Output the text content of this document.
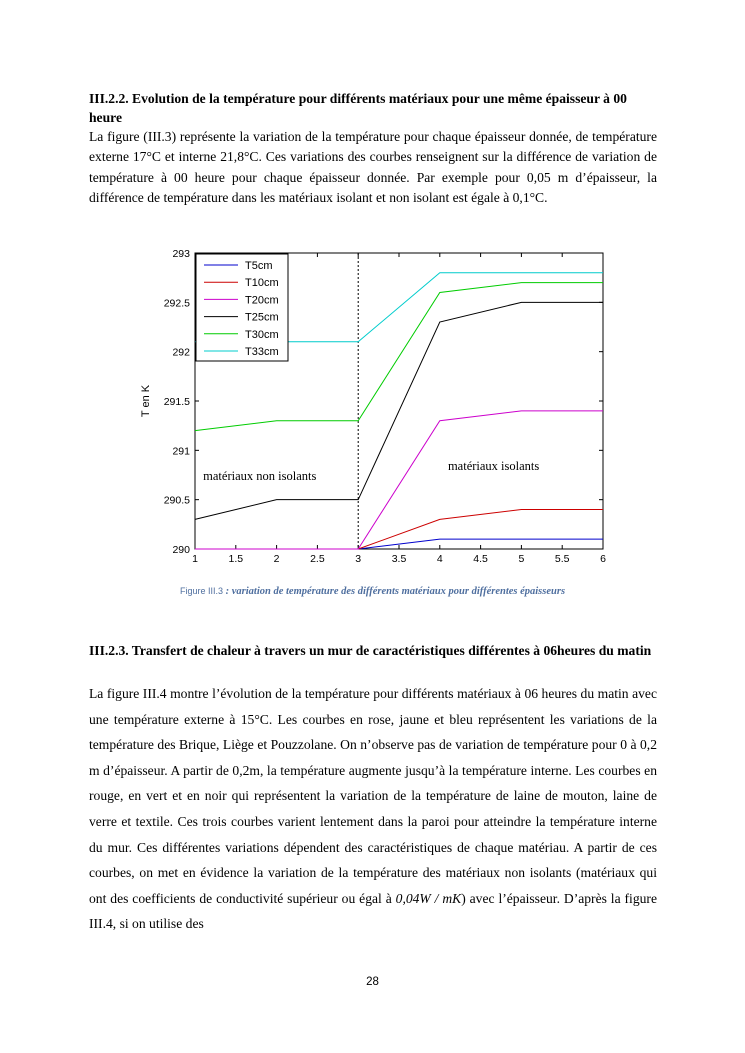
III.2.2. Evolution de la température pour différents matériaux pour une même épaisseur à 00 heure

La figure (III.3) représente la variation de la température pour chaque épaisseur donnée, de température externe 17°C et interne 21,8°C. Ces variations des courbes renseignent sur la différence de variation de température à 00 heure pour chaque épaisseur donnée. Par exemple pour 0,05 m d’épaisseur, la différence de température dans les matériaux isolant et non isolant est égale à 0,1°C.

1	1.5	2	2.5	3	3.5	4	4.5	5	5.5	6
290
290.5
291
291.5
292
292.5
293
T en K
T5cm
T10cm
T20cm
T25cm
T30cm
T33cm
matériaux non isolants
matériaux isolants
Figure III.3 : variation de température des différents matériaux pour différentes épaisseurs
III.2.3. Transfert de chaleur à travers un mur de caractéristiques différentes à 06heures du matin

La figure III.4 montre l’évolution de la température pour différents matériaux à 06 heures du matin avec une température externe à 15°C. Les courbes en rose, jaune et bleu représentent les variations de la température des Brique, Liège et Pouzzolane. On n’observe pas de variation de température pour 0 à 0,2 m d’épaisseur. A partir de 0,2m, la température augmente jusqu’à la température interne. Les courbes en rouge, en vert et en noir qui représentent la variation de la température de laine de mouton, laine de verre et textile. Ces trois courbes varient lentement dans la paroi pour atteindre la température interne du mur. Ces différentes variations dépendent des caractéristiques de chaque matériau. A partir de ces courbes, on met en évidence la variation de la température des matériaux non isolants (matériaux qui ont des coefficients de conductivité supérieur ou égal à 0,04W / mK) avec l’épaisseur. D’après la figure III.4, si on utilise des

28
